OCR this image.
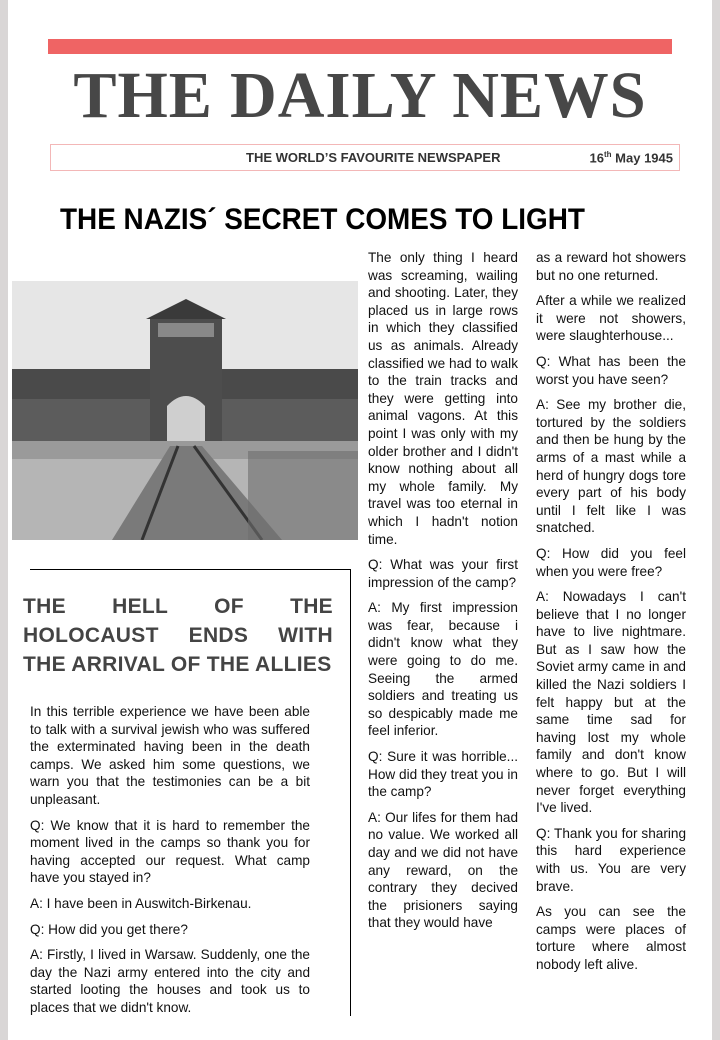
THE DAILY NEWS
THE WORLD’S FAVOURITE NEWSPAPER	16th May 1945
THE NAZIS´ SECRET COMES TO LIGHT
THE HELL OF THE HOLOCAUST ENDS WITH THE ARRIVAL OF THE ALLIES

In this terrible experience we have been able to talk with a survival jewish who was suffered the exterminated having been in the death camps. We asked him some questions, we warn you that the testimonies can be a bit unpleasant.

Q: We know that it is hard to remember the moment lived in the camps so thank you for having accepted our request. What camp have you stayed in?

A: I have been in Auswitch-Birkenau.

Q: How did you get there?

A: Firstly, I lived in Warsaw. Suddenly, one the day the Nazi army entered into the city and started looting the houses and took us to places that we didn't know.

The only thing I heard was screaming, wailing and shooting. Later, they placed us in large rows in which they classified us as animals. Already classified we had to walk to the train tracks and they were getting into animal vagons. At this point I was only with my older brother and I didn't know nothing about all my whole family. My travel was too eternal in which I hadn't notion time.

Q: What was your first impression of the camp?

A: My first impression was fear, because i didn't know what they were going to do me. Seeing the armed soldiers and treating us so despicably made me feel inferior.

Q: Sure it was horrible... How did they treat you in the camp?

A: Our lifes for them had no value. We worked all day and we did not have any reward, on the contrary they decived the prisioners saying that they would have

as a reward hot showers but no one returned.

After a while we realized it were not showers, were slaughterhouse...

Q: What has been the worst you have seen?

A: See my brother die, tortured by the soldiers and then be hung by the arms of a mast while a herd of hungry dogs tore every part of his body until I felt like I was snatched.

Q: How did you feel when you were free?

A: Nowadays I can't believe that I no longer have to live nightmare. But as I saw how the Soviet army came in and killed the Nazi soldiers I felt happy but at the same time sad for having lost my whole family and don't know where to go. But I will never forget everything I've lived.

Q: Thank you for sharing this hard experience with us. You are very brave.

As you can see the camps were places of torture where almost nobody left alive.
